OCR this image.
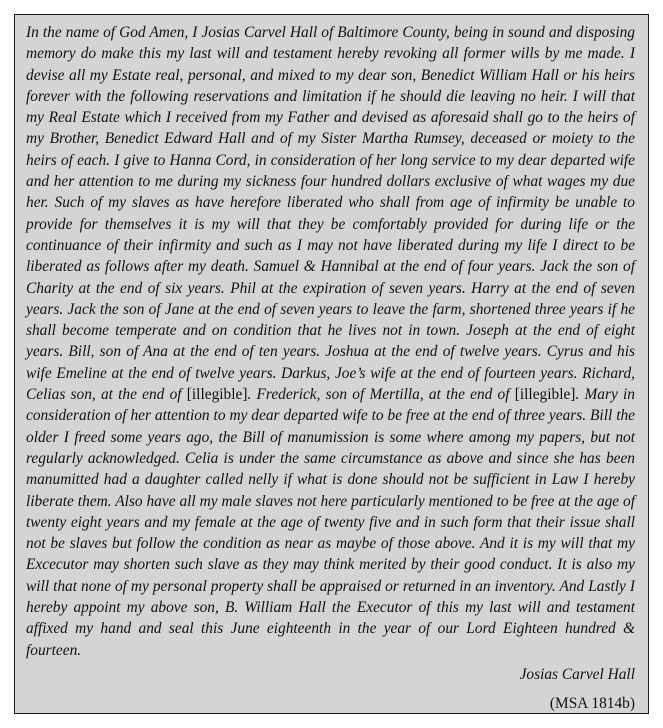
In the name of God Amen, I Josias Carvel Hall of Baltimore County, being in sound and disposing memory do make this my last will and testament hereby revoking all former wills by me made. I devise all my Estate real, personal, and mixed to my dear son, Benedict William Hall or his heirs forever with the following reservations and limitation if he should die leaving no heir. I will that my Real Estate which I received from my Father and devised as aforesaid shall go to the heirs of my Brother, Benedict Edward Hall and of my Sister Martha Rumsey, deceased or moiety to the heirs of each. I give to Hanna Cord, in consideration of her long service to my dear departed wife and her attention to me during my sickness four hundred dollars exclusive of what wages my due her. Such of my slaves as have herefore liberated who shall from age of infirmity be unable to provide for themselves it is my will that they be comfortably provided for during life or the continuance of their infirmity and such as I may not have liberated during my life I direct to be liberated as follows after my death. Samuel & Hannibal at the end of four years. Jack the son of Charity at the end of six years. Phil at the expiration of seven years. Harry at the end of seven years. Jack the son of Jane at the end of seven years to leave the farm, shortened three years if he shall become temperate and on condition that he lives not in town. Joseph at the end of eight years. Bill, son of Ana at the end of ten years. Joshua at the end of twelve years. Cyrus and his wife Emeline at the end of twelve years. Darkus, Joe’s wife at the end of fourteen years. Richard, Celias son, at the end of [illegible]. Frederick, son of Mertilla, at the end of [illegible]. Mary in consideration of her attention to my dear departed wife to be free at the end of three years. Bill the older I freed some years ago, the Bill of manumission is some where among my papers, but not regularly acknowledged. Celia is under the same circumstance as above and since she has been manumitted had a daughter called nelly if what is done should not be sufficient in Law I hereby liberate them. Also have all my male slaves not here particularly mentioned to be free at the age of twenty eight years and my female at the age of twenty five and in such form that their issue shall not be slaves but follow the condition as near as maybe of those above. And it is my will that my Excecutor may shorten such slave as they may think merited by their good conduct. It is also my will that none of my personal property shall be appraised or returned in an inventory. And Lastly I hereby appoint my above son, B. William Hall the Executor of this my last will and testament affixed my hand and seal this June eighteenth in the year of our Lord Eighteen hundred & fourteen.

Josias Carvel Hall

(MSA 1814b)
